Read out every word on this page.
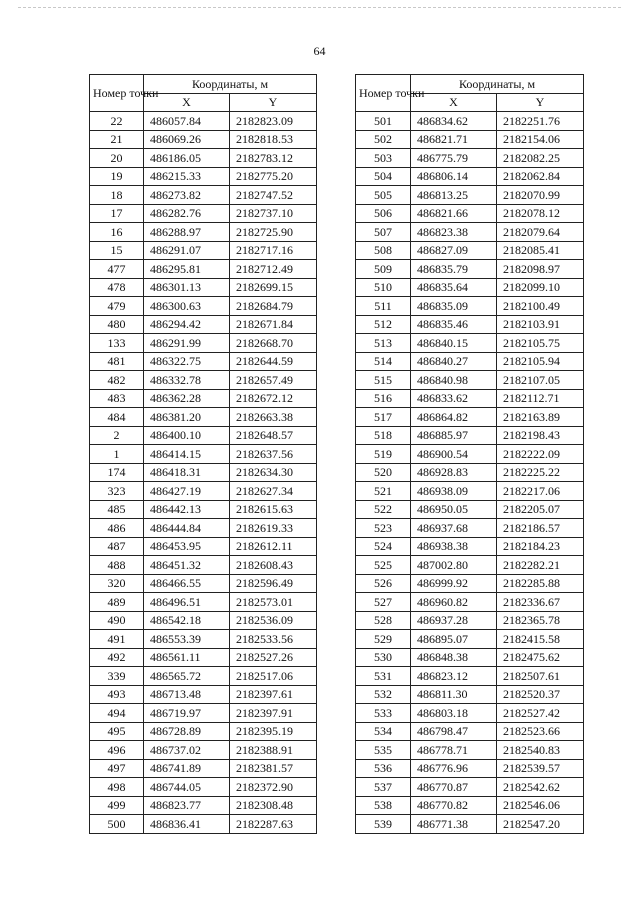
64
Номер точки	Координаты, м	
	X	Y
22	486057.84	2182823.09
21	486069.26	2182818.53
20	486186.05	2182783.12
19	486215.33	2182775.20
18	486273.82	2182747.52
17	486282.76	2182737.10
16	486288.97	2182725.90
15	486291.07	2182717.16
477	486295.81	2182712.49
478	486301.13	2182699.15
479	486300.63	2182684.79
480	486294.42	2182671.84
133	486291.99	2182668.70
481	486322.75	2182644.59
482	486332.78	2182657.49
483	486362.28	2182672.12
484	486381.20	2182663.38
2	486400.10	2182648.57
1	486414.15	2182637.56
174	486418.31	2182634.30
323	486427.19	2182627.34
485	486442.13	2182615.63
486	486444.84	2182619.33
487	486453.95	2182612.11
488	486451.32	2182608.43
320	486466.55	2182596.49
489	486496.51	2182573.01
490	486542.18	2182536.09
491	486553.39	2182533.56
492	486561.11	2182527.26
339	486565.72	2182517.06
493	486713.48	2182397.61
494	486719.97	2182397.91
495	486728.89	2182395.19
496	486737.02	2182388.91
497	486741.89	2182381.57
498	486744.05	2182372.90
499	486823.77	2182308.48
500	486836.41	2182287.63
Номер точки	Координаты, м	
	X	Y
501	486834.62	2182251.76
502	486821.71	2182154.06
503	486775.79	2182082.25
504	486806.14	2182062.84
505	486813.25	2182070.99
506	486821.66	2182078.12
507	486823.38	2182079.64
508	486827.09	2182085.41
509	486835.79	2182098.97
510	486835.64	2182099.10
511	486835.09	2182100.49
512	486835.46	2182103.91
513	486840.15	2182105.75
514	486840.27	2182105.94
515	486840.98	2182107.05
516	486833.62	2182112.71
517	486864.82	2182163.89
518	486885.97	2182198.43
519	486900.54	2182222.09
520	486928.83	2182225.22
521	486938.09	2182217.06
522	486950.05	2182205.07
523	486937.68	2182186.57
524	486938.38	2182184.23
525	487002.80	2182282.21
526	486999.92	2182285.88
527	486960.82	2182336.67
528	486937.28	2182365.78
529	486895.07	2182415.58
530	486848.38	2182475.62
531	486823.12	2182507.61
532	486811.30	2182520.37
533	486803.18	2182527.42
534	486798.47	2182523.66
535	486778.71	2182540.83
536	486776.96	2182539.57
537	486770.87	2182542.62
538	486770.82	2182546.06
539	486771.38	2182547.20
